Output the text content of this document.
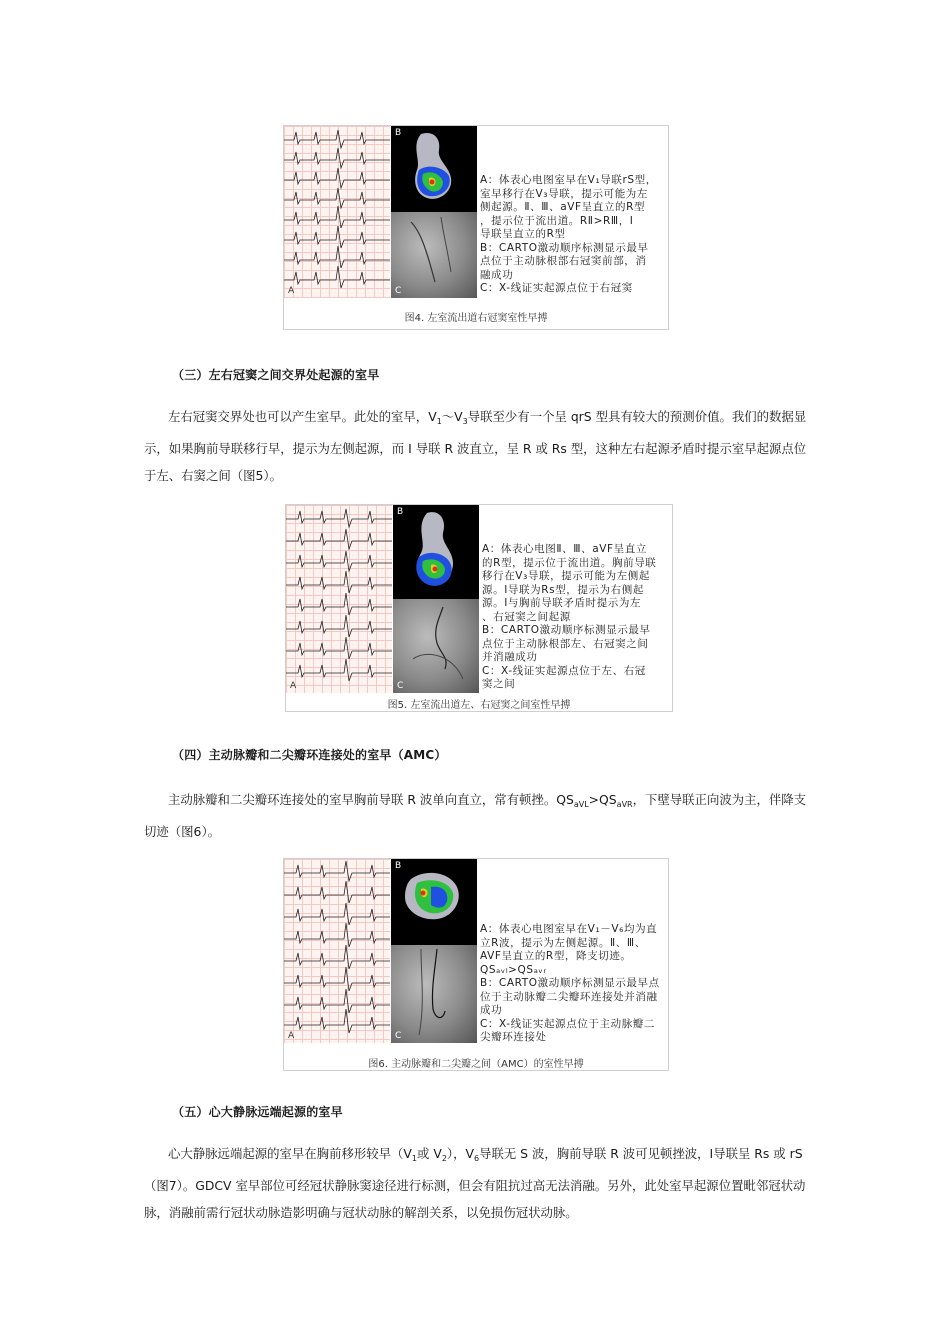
A
B
C
A：体表心电图室早在V₁导联rS型，
室早移行在V₃导联，提示可能为左
侧起源。Ⅱ、Ⅲ、aVF呈直立的R型
，提示位于流出道。RⅡ>RⅢ，Ⅰ
导联呈直立的R型
B：CARTO激动顺序标测显示最早
点位于主动脉根部右冠窦前部，消
融成功
C：X-线证实起源点位于右冠窦
图4. 左室流出道右冠窦室性早搏
（三）左右冠窦之间交界处起源的室早
左右冠窦交界处也可以产生室早。此处的室早，$V_1\sim V_3$导联至少有一个呈 qrS 型具有较大的预测价值。我们的数据显示，如果胸前导联移行早，提示为左侧起源，而 I 导联 R 波直立，呈 R 或 Rs 型，这种左右起源矛盾时提示室早起源点位于左、右窦之间（图5）。
A
B
C
A：体表心电图Ⅱ、Ⅲ、aVF呈直立
的R型，提示位于流出道。胸前导联
移行在V₃导联，提示可能为左侧起
源。Ⅰ导联为Rs型，提示为右侧起
源。Ⅰ与胸前导联矛盾时提示为左
、右冠窦之间起源
B：CARTO激动顺序标测显示最早
点位于主动脉根部左、右冠窦之间
并消融成功
C：X-线证实起源点位于左、右冠
窦之间
图5. 左室流出道左、右冠窦之间室性早搏
（四）主动脉瓣和二尖瓣环连接处的室早（AMC）
主动脉瓣和二尖瓣环连接处的室早胸前导联 R 波单向直立，常有顿挫。$QS_{aVL}>QS_{aVR}$，下壁导联正向波为主，伴降支切迹（图6）。
A
B
C
A：体表心电图室早在V₁－V₆均为直
立R波，提示为左侧起源。Ⅱ、Ⅲ、
AVF呈直立的R型，降支切迹。
QSₐᵥₗ>QSₐᵥᵣ
B：CARTO激动顺序标测显示最早点
位于主动脉瓣二尖瓣环连接处并消融
成功
C：X-线证实起源点位于主动脉瓣二
尖瓣环连接处
图6. 主动脉瓣和二尖瓣之间（AMC）的室性早搏
（五）心大静脉远端起源的室早
心大静脉远端起源的室早在胸前移形较早（$V_1$或 $V_2$），$V_6$导联无 S 波，胸前导联 R 波可见顿挫波，Ⅰ导联呈 Rs 或 rS（图7）。GDCV 室早部位可经冠状静脉窦途径进行标测，但会有阻抗过高无法消融。另外，此处室早起源位置毗邻冠状动脉，消融前需行冠状动脉造影明确与冠状动脉的解剖关系，以免损伤冠状动脉。
